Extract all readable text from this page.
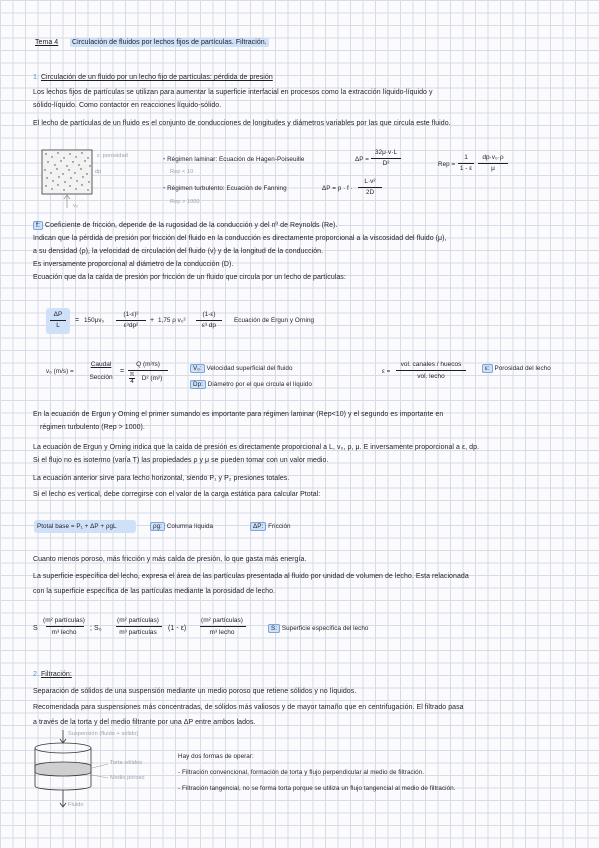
Tema 4 Circulación de fluidos por lechos fijos de partículas. Filtración.
1. Circulación de un fluido por un lecho fijo de partículas: pérdida de presión
Los lechos fijos de partículas se utilizan para aumentar la superficie interfacial en procesos como la extracción líquido-líquido y
sólido-líquido. Como contactor en reacciones líquido-sólido.
El lecho de partículas de un fluido es el conjunto de conducciones de longitudes y diámetros variables por las que circula este fluido.
ε: porosidad
dp
v₀
• Régimen laminar: Ecuación de Hagen-Poiseuille	ΔP =
32μ·v·L
D²
Rep < 10
• Régimen turbulento: Ecuación de Fanning	ΔP = p · f ·
L·v²
2D
Rep > 1000
Rep =
1
1 - ε
dp·v₀·ρ
μ
f: Coeficiente de fricción, depende de la rugosidad de la conducción y del nº de Reynolds (Re).
Indican que la pérdida de presión por fricción del fluido en la conducción es directamente proporcional a la viscosidad del fluido (μ),
a su densidad (ρ), la velocidad de circulación del fluido (v) y de la longitud de la conducción.
Es inversamente proporcional al diámetro de la conducción (D).
Ecuación que da la caída de presión por fricción de un fluido que circula por un lecho de partículas:
ΔP
L
= 150μv₀
(1-ε)²
ε³dp²
+ 1,75 ρ v₀²
(1-ε)
ε³ dp
Ecuación de Ergun y Orning
v₀ (m/s) =
Caudal
Sección
=
Q (m³/s)
π
4	D² (m²)
V₀: Velocidad superficial del fluido
Dp: Diámetro por el que circula el líquido
ε =
vol. canales / huecos
vol. lecho
ε: Porosidad del lecho
En la ecuación de Ergun y Orning el primer sumando es importante para régimen laminar (Rep<10) y el segundo es importante en
régimen turbulento (Rep > 1000).
La ecuación de Ergun y Orning indica que la caída de presión es directamente proporcional a L, v₀, ρ, μ. E inversamente proporcional a ε, dp.
Si el flujo no es isotermo (varía T) las propiedades ρ y μ se pueden tomar con un valor medio.
La ecuación anterior sirve para lecho horizontal, siendo P₁ y P₂ presiones totales.
Si el lecho es vertical, debe corregirse con el valor de la carga estática para calcular Ptotal:
Ptotal base = P₁ + ΔP + ρgL	ρg: Columna líquida	ΔP: Fricción
Cuanto menos poroso, más fricción y más caída de presión, lo que gasta más energía.
La superficie específica del lecho, expresa el área de las partículas presentada al fluido por unidad de volumen de lecho. Esta relacionada
con la superficie específica de las partículas mediante la porosidad de lecho.
S
(m² partículas)
m³ lecho
; S₀
(m² partículas)
m³ partículas
(1 - ε)
(m² partículas)
m³ lecho
S: Superficie específica del lecho
2. Filtración:
Separación de sólidos de una suspensión mediante un medio poroso que retiene sólidos y no líquidos.
Recomendada para suspensiones más concentradas, de sólidos más valiosos y de mayor tamaño que en centrifugación. El filtrado pasa
a través de la torta y del medio filtrante por una ΔP entre ambos lados.
Suspensión (fluido + sólido)
Torta sólidos
Medio poroso
Fluido
Hay dos formas de operar:
- Filtración convencional, formación de torta y flujo perpendicular al medio de filtración.
- Filtración tangencial, no se forma torta porque se utiliza un flujo tangencial al medio de filtración.
